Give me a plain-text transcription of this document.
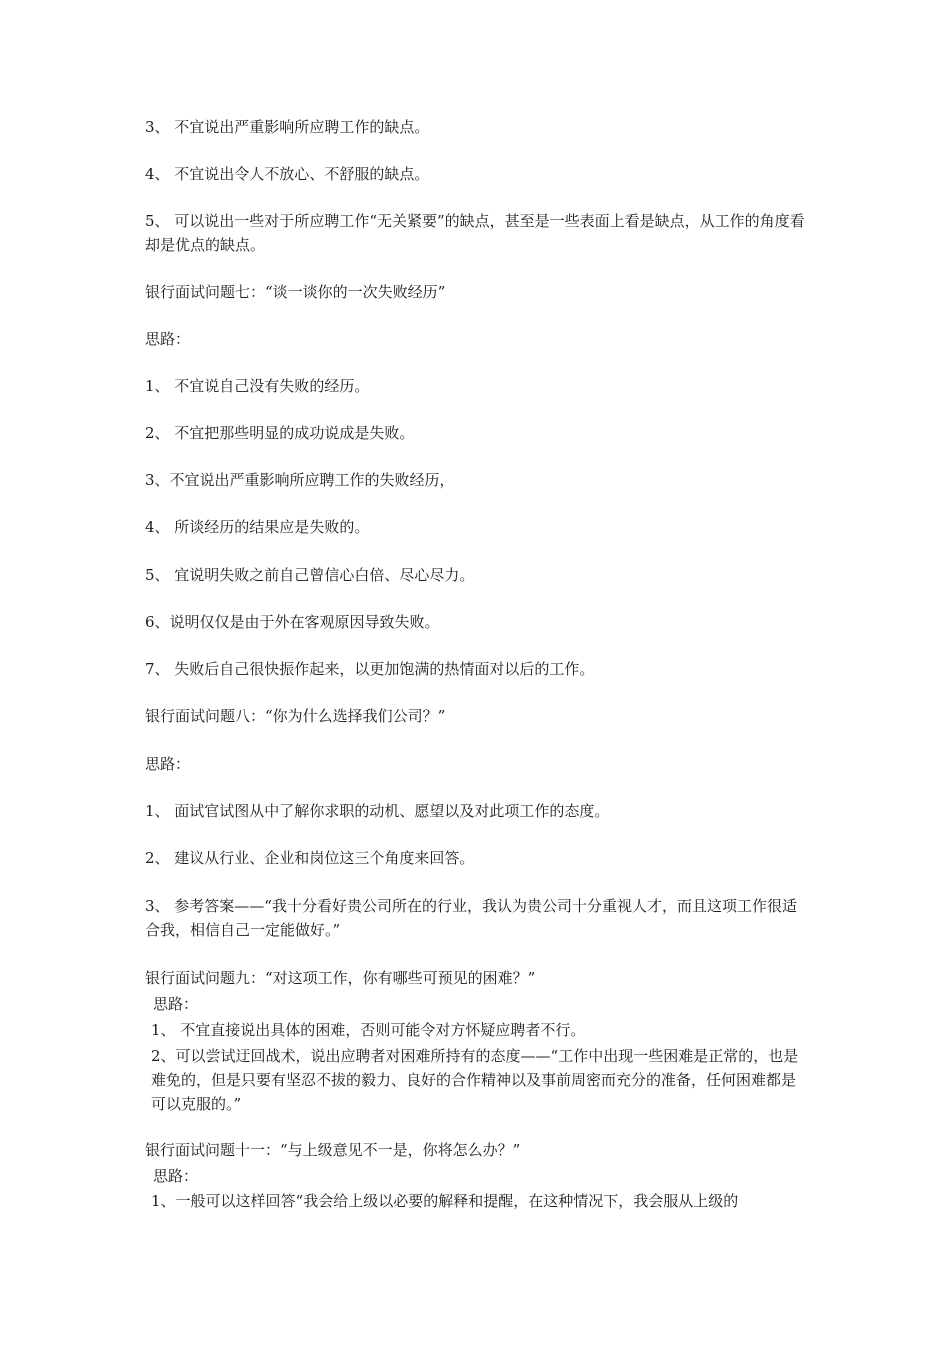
3、 不宜说出严重影响所应聘工作的缺点。
4、 不宜说出令人不放心、不舒服的缺点。
5、 可以说出一些对于所应聘工作“无关紧要”的缺点，甚至是一些表面上看是缺点，从工作的角度看却是优点的缺点。
银行面试问题七：“谈一谈你的一次失败经历”
思路：
1、 不宜说自己没有失败的经历。
2、 不宜把那些明显的成功说成是失败。
3、不宜说出严重影响所应聘工作的失败经历，
4、 所谈经历的结果应是失败的。
5、 宜说明失败之前自己曾信心白倍、尽心尽力。
6、说明仅仅是由于外在客观原因导致失败。
7、 失败后自己很快振作起来，以更加饱满的热情面对以后的工作。
银行面试问题八：“你为什么选择我们公司？”
思路：
1、 面试官试图从中了解你求职的动机、愿望以及对此项工作的态度。
2、 建议从行业、企业和岗位这三个角度来回答。
3、 参考答案——“我十分看好贵公司所在的行业，我认为贵公司十分重视人才，而且这项工作很适合我，相信自己一定能做好。”
银行面试问题九：“对这项工作，你有哪些可预见的困难？”
思路：
1、 不宜直接说出具体的困难，否则可能令对方怀疑应聘者不行。
2、可以尝试迂回战术，说出应聘者对困难所持有的态度——“工作中出现一些困难是正常的，也是难免的，但是只要有坚忍不拔的毅力、良好的合作精神以及事前周密而充分的准备，任何困难都是可以克服的。”
银行面试问题十一：“与上级意见不一是，你将怎么办？”
思路：
1、一般可以这样回答“我会给上级以必要的解释和提醒，在这种情况下，我会服从上级的
